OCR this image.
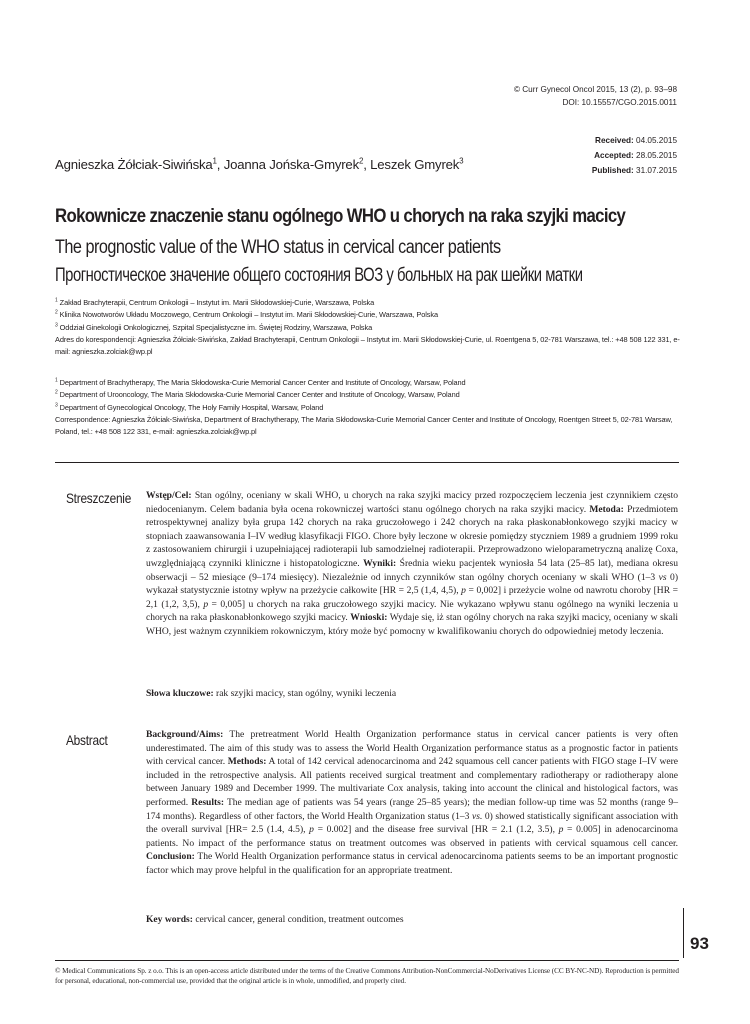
© Curr Gynecol Oncol 2015, 13 (2), p. 93–98
DOI: 10.15557/CGO.2015.0011
Received: 04.05.2015
Accepted: 28.05.2015
Published: 31.07.2015
Agnieszka Żółciak-Siwińska$^1$, Joanna Jońska-Gmyrek$^2$, Leszek Gmyrek$^3$
Rokownicze znaczenie stanu ogólnego WHO u chorych na raka szyjki macicy
The prognostic value of the WHO status in cervical cancer patients
Прогностическое значение общего состояния ВОЗ у больных на рак шейки матки
$^1$ Zakład Brachyterapii, Centrum Onkologii – Instytut im. Marii Skłodowskiej-Curie, Warszawa, Polska
$^2$ Klinika Nowotworów Układu Moczowego, Centrum Onkologii – Instytut im. Marii Skłodowskiej-Curie, Warszawa, Polska
$^3$ Oddział Ginekologii Onkologicznej, Szpital Specjalistyczne im. Świętej Rodziny, Warszawa, Polska
Adres do korespondencji: Agnieszka Żółciak-Siwińska, Zakład Brachyterapii, Centrum Onkologii – Instytut im. Marii Skłodowskiej-Curie, ul. Roentgena 5, 02-781 Warszawa, tel.: +48 508 122 331, e-mail: agnieszka.zolciak@wp.pl
$^1$ Department of Brachytherapy, The Maria Skłodowska-Curie Memorial Cancer Center and Institute of Oncology, Warsaw, Poland
$^2$ Department of Urooncology, The Maria Skłodowska-Curie Memorial Cancer Center and Institute of Oncology, Warsaw, Poland
$^3$ Department of Gynecological Oncology, The Holy Family Hospital, Warsaw, Poland
Correspondence: Agnieszka Żółciak-Siwińska, Department of Brachytherapy, The Maria Skłodowska-Curie Memorial Cancer Center and Institute of Oncology, Roentgen Street 5, 02-781 Warsaw, Poland, tel.: +48 508 122 331, e-mail: agnieszka.zolciak@wp.pl
Streszczenie Wstęp/Cel: Stan ogólny, oceniany w skali WHO, u chorych na raka szyjki macicy przed rozpoczęciem leczenia jest czynnikiem często niedocenianym. Celem badania była ocena rokowniczej wartości stanu ogólnego chorych na raka szyjki macicy. Metoda: Przedmiotem retrospektywnej analizy była grupa 142 chorych na raka gruczołowego i 242 chorych na raka płaskonabłonkowego szyjki macicy w stopniach zaawansowania I–IV według klasyfikacji FIGO. Chore były leczone w okresie pomiędzy styczniem 1989 a grudniem 1999 roku z zastosowaniem chirurgii i uzupełniającej radioterapii lub samodzielnej radioterapii. Przeprowadzono wieloparametryczną analizę Coxa, uwzględniającą czynniki kliniczne i histopatologiczne. Wyniki: Średnia wieku pacjentek wyniosła 54 lata (25–85 lat), mediana okresu obserwacji – 52 miesiące (9–174 miesięcy). Niezależnie od innych czynników stan ogólny chorych oceniany w skali WHO (1–3 vs 0) wykazał statystycznie istotny wpływ na przeżycie całkowite [HR = 2,5 (1,4, 4,5), p = 0,002] i przeżycie wolne od nawrotu choroby [HR = 2,1 (1,2, 3,5), p = 0,005] u chorych na raka gruczołowego szyjki macicy. Nie wykazano wpływu stanu ogólnego na wyniki leczenia u chorych na raka płaskonabłonkowego szyjki macicy. Wnioski: Wydaje się, iż stan ogólny chorych na raka szyjki macicy, oceniany w skali WHO, jest ważnym czynnikiem rokowniczym, który może być pomocny w kwalifikowaniu chorych do odpowiedniej metody leczenia.
Słowa kluczowe: rak szyjki macicy, stan ogólny, wyniki leczenia
Abstract	Background/Aims: The pretreatment World Health Organization performance status in cervical cancer patients is very often underestimated. The aim of this study was to assess the World Health Organization performance status as a prognostic factor in patients with cervical cancer. Methods: A total of 142 cervical adenocarcinoma and 242 squamous cell cancer patients with FIGO stage I–IV were included in the retrospective analysis. All patients received surgical treatment and complementary radiotherapy or radiotherapy alone between January 1989 and December 1999. The multivariate Cox analysis, taking into account the clinical and histological factors, was performed. Results: The median age of patients was 54 years (range 25–85 years); the median follow-up time was 52 months (range 9–174 months). Regardless of other factors, the World Health Organization status (1–3 vs. 0) showed statistically significant association with the overall survival [HR= 2.5 (1.4, 4.5), p = 0.002] and the disease free survival [HR = 2.1 (1.2, 3.5), p = 0.005] in adenocarcinoma patients. No impact of the performance status on treatment outcomes was observed in patients with cervical squamous cell cancer. Conclusion: The World Health Organization performance status in cervical adenocarcinoma patients seems to be an important prognostic factor which may prove helpful in the qualification for an appropriate treatment.
Key words: cervical cancer, general condition, treatment outcomes
93
© Medical Communications Sp. z o.o. This is an open-access article distributed under the terms of the Creative Commons Attribution-NonCommercial-NoDerivatives License (CC BY-NC-ND). Reproduction is permitted for personal, educational, non-commercial use, provided that the original article is in whole, unmodified, and properly cited.
